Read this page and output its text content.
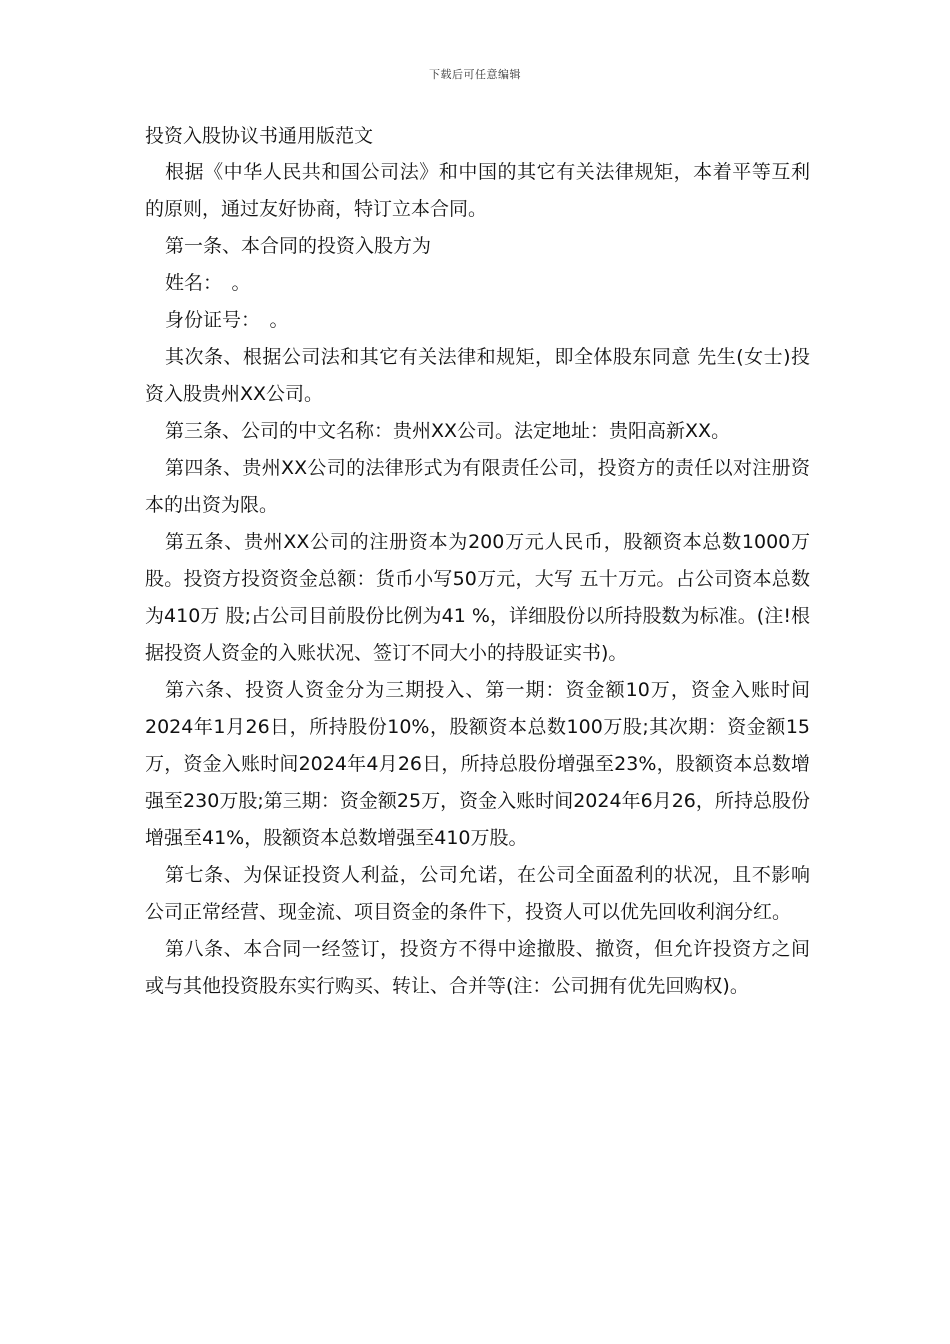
下载后可任意编辑

投资入股协议书通用版范文

根据《中华人民共和国公司法》和中国的其它有关法律规矩，本着平等互利的原则，通过友好协商，特订立本合同。

第一条、本合同的投资入股方为

姓名：　。

身份证号：　。

其次条、根据公司法和其它有关法律和规矩，即全体股东同意 先生(女士)投资入股贵州XX公司。

第三条、公司的中文名称：贵州XX公司。法定地址：贵阳高新XX。

第四条、贵州XX公司的法律形式为有限责任公司，投资方的责任以对注册资本的出资为限。

第五条、贵州XX公司的注册资本为200万元人民币，股额资本总数1000万股。投资方投资资金总额：货币小写50万元，大写 五十万元。占公司资本总数为410万 股;占公司目前股份比例为41 %，详细股份以所持股数为标准。(注!根据投资人资金的入账状况、签订不同大小的持股证实书)。

第六条、投资人资金分为三期投入、第一期：资金额10万，资金入账时间2024年1月26日，所持股份10%，股额资本总数100万股;其次期：资金额15万，资金入账时间2024年4月26日，所持总股份增强至23%，股额资本总数增强至230万股;第三期：资金额25万，资金入账时间2024年6月26，所持总股份增强至41%，股额资本总数增强至410万股。

第七条、为保证投资人利益，公司允诺，在公司全面盈利的状况，且不影响公司正常经营、现金流、项目资金的条件下，投资人可以优先回收利润分红。

第八条、本合同一经签订，投资方不得中途撤股、撤资，但允许投资方之间或与其他投资股东实行购买、转让、合并等(注：公司拥有优先回购权)。
